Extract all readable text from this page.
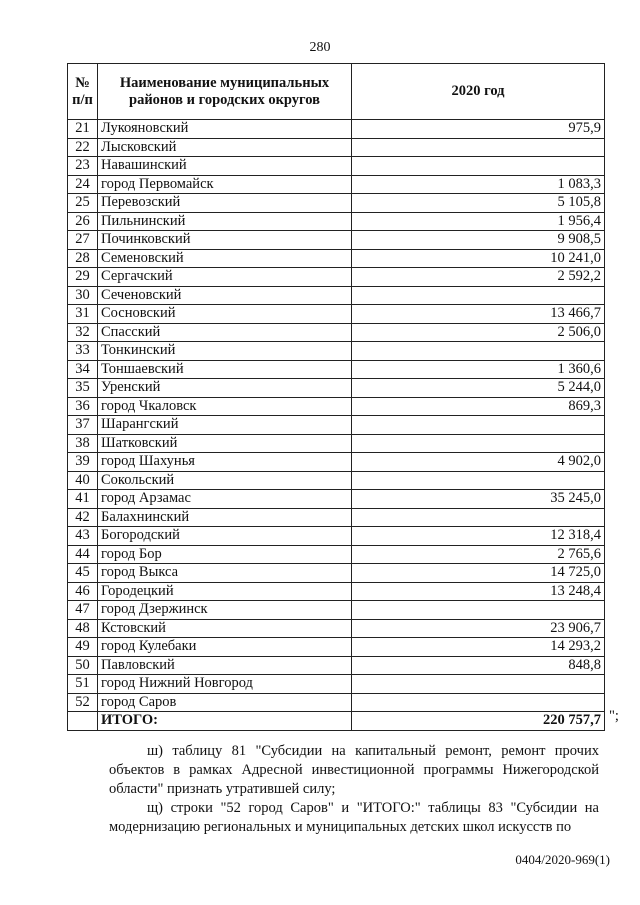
280
№ п/п	Наименование муниципальных районов и городских округов	2020 год
21	Лукояновский	975,9
22	Лысковский	
23	Навашинский	
24	город Первомайск	1 083,3
25	Перевозский	5 105,8
26	Пильнинский	1 956,4
27	Починковский	9 908,5
28	Семеновский	10 241,0
29	Сергачский	2 592,2
30	Сеченовский	
31	Сосновский	13 466,7
32	Спасский	2 506,0
33	Тонкинский	
34	Тоншаевский	1 360,6
35	Уренский	5 244,0
36	город Чкаловск	869,3
37	Шарангский	
38	Шатковский	
39	город Шахунья	4 902,0
40	Сокольский	
41	город Арзамас	35 245,0
42	Балахнинский	
43	Богородский	12 318,4
44	город Бор	2 765,6
45	город Выкса	14 725,0
46	Городецкий	13 248,4
47	город Дзержинск	
48	Кстовский	23 906,7
49	город Кулебаки	14 293,2
50	Павловский	848,8
51	город Нижний Новгород	
52	город Саров	
	ИТОГО:	220 757,7 ";
ш) таблицу 81 "Субсидии на капитальный ремонт, ремонт прочих объектов в рамках Адресной инвестиционной программы Нижегородской области" признать утратившей силу;
щ) строки "52 город Саров" и "ИТОГО:" таблицы 83 "Субсидии на модернизацию региональных и муниципальных детских школ искусств по
0404/2020-969(1)
